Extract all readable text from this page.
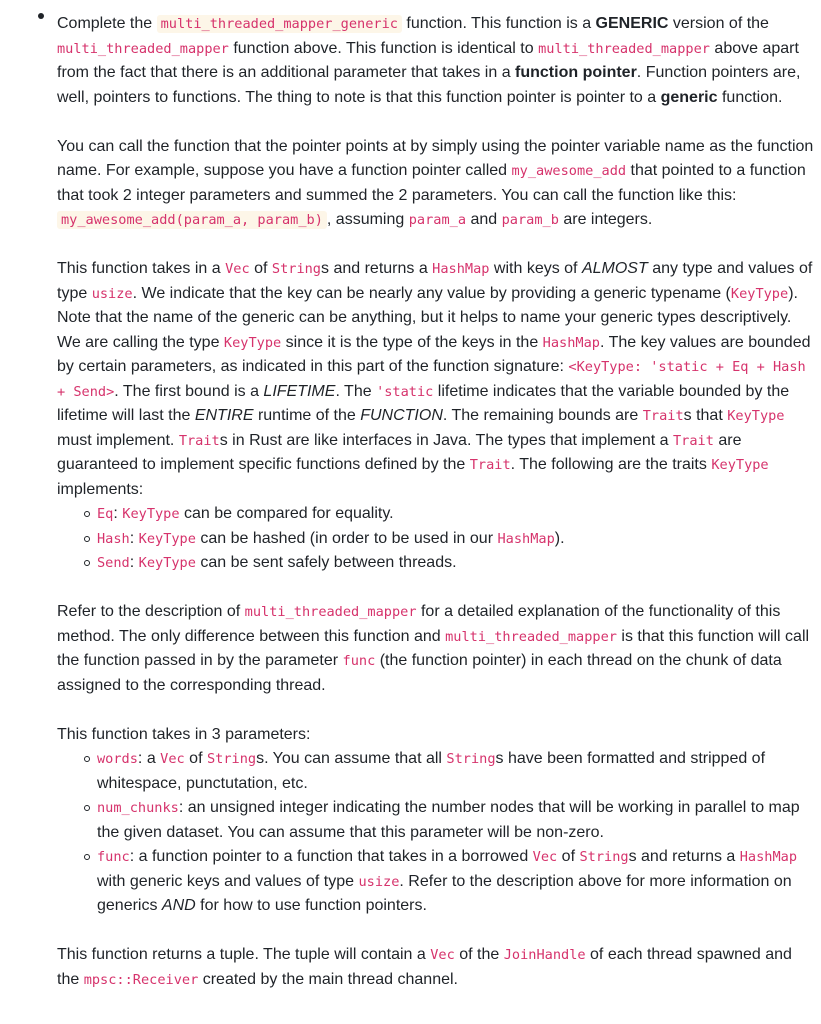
Complete the multi_threaded_mapper_generic function. This function is a GENERIC version of the multi_threaded_mapper function above. This function is identical to multi_threaded_mapper above apart from the fact that there is an additional parameter that takes in a function pointer. Function pointers are, well, pointers to functions. The thing to note is that this function pointer is pointer to a generic function.

You can call the function that the pointer points at by simply using the pointer variable name as the function name. For example, suppose you have a function pointer called my_awesome_add that pointed to a function that took 2 integer parameters and summed the 2 parameters. You can call the function like this: my_awesome_add(param_a, param_b) , assuming param_a and param_b are integers.

This function takes in a Vec of Strings and returns a HashMap with keys of ALMOST any type and values of type usize. We indicate that the key can be nearly any value by providing a generic typename (KeyType). Note that the name of the generic can be anything, but it helps to name your generic types descriptively. We are calling the type KeyType since it is the type of the keys in the HashMap. The key values are bounded by certain parameters, as indicated in this part of the function signature: <KeyType: 'static + Eq + Hash + Send>. The first bound is a LIFETIME. The 'static lifetime indicates that the variable bounded by the lifetime will last the ENTIRE runtime of the FUNCTION. The remaining bounds are Traits that KeyType must implement. Traits in Rust are like interfaces in Java. The types that implement a Trait are guaranteed to implement specific functions defined by the Trait. The following are the traits KeyType implements:

Eq: KeyType can be compared for equality.
Hash: KeyType can be hashed (in order to be used in our HashMap).
Send: KeyType can be sent safely between threads.

Refer to the description of multi_threaded_mapper for a detailed explanation of the functionality of this method. The only difference between this function and multi_threaded_mapper is that this function will call the function passed in by the parameter func (the function pointer) in each thread on the chunk of data assigned to the corresponding thread.

This function takes in 3 parameters:

words: a Vec of Strings. You can assume that all Strings have been formatted and stripped of whitespace, punctutation, etc.
num_chunks: an unsigned integer indicating the number nodes that will be working in parallel to map the given dataset. You can assume that this parameter will be non-zero.
func: a function pointer to a function that takes in a borrowed Vec of Strings and returns a HashMap with generic keys and values of type usize. Refer to the description above for more information on generics AND for how to use function pointers.

This function returns a tuple. The tuple will contain a Vec of the JoinHandle of each thread spawned and the mpsc::Receiver created by the main thread channel.
